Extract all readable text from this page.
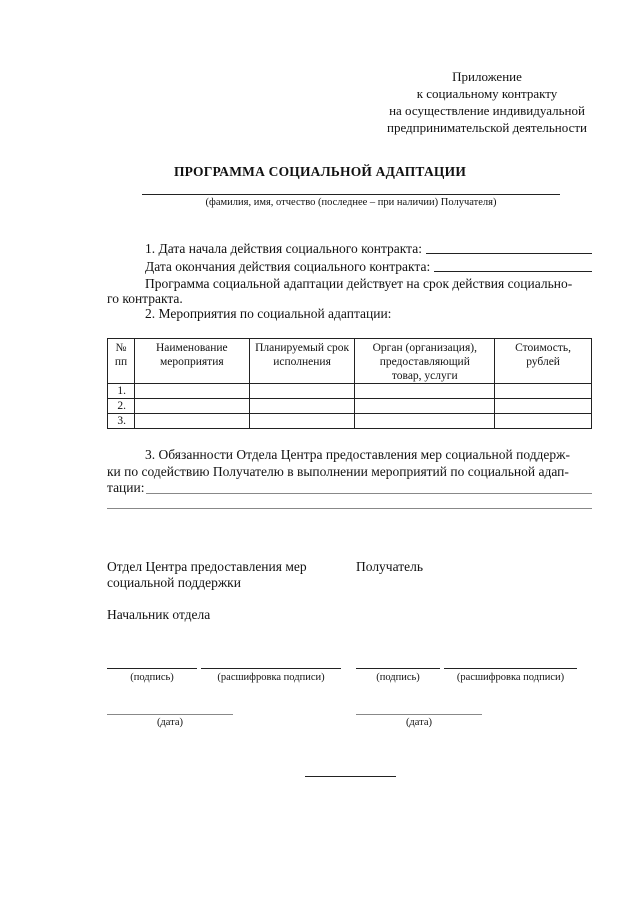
Приложение
к социальному контракту
на осуществление индивидуальной
предпринимательской деятельности
ПРОГРАММА СОЦИАЛЬНОЙ АДАПТАЦИИ
(фамилия, имя, отчество (последнее – при наличии) Получателя)
1. Дата начала действия социального контракта:
Дата окончания действия социального контракта:
Программа социальной адаптации действует на срок действия социально-
го контракта.
2. Мероприятия по социальной адаптации:
№ пп	Наименование мероприятия	Планируемый срок исполнения	Орган (организация), предоставляющий товар, услуги	Стоимость, рублей
1.				
2.				
3.				
3. Обязанности Отдела Центра предоставления мер социальной поддерж-
ки по содействию Получателю в выполнении мероприятий по социальной адап-
тации:
Отдел Центра предоставления мер
социальной поддержки
Получатель
Начальник отдела
(подпись)	(расшифровка подписи)	(подпись)	(расшифровка подписи)
(дата)	(дата)
